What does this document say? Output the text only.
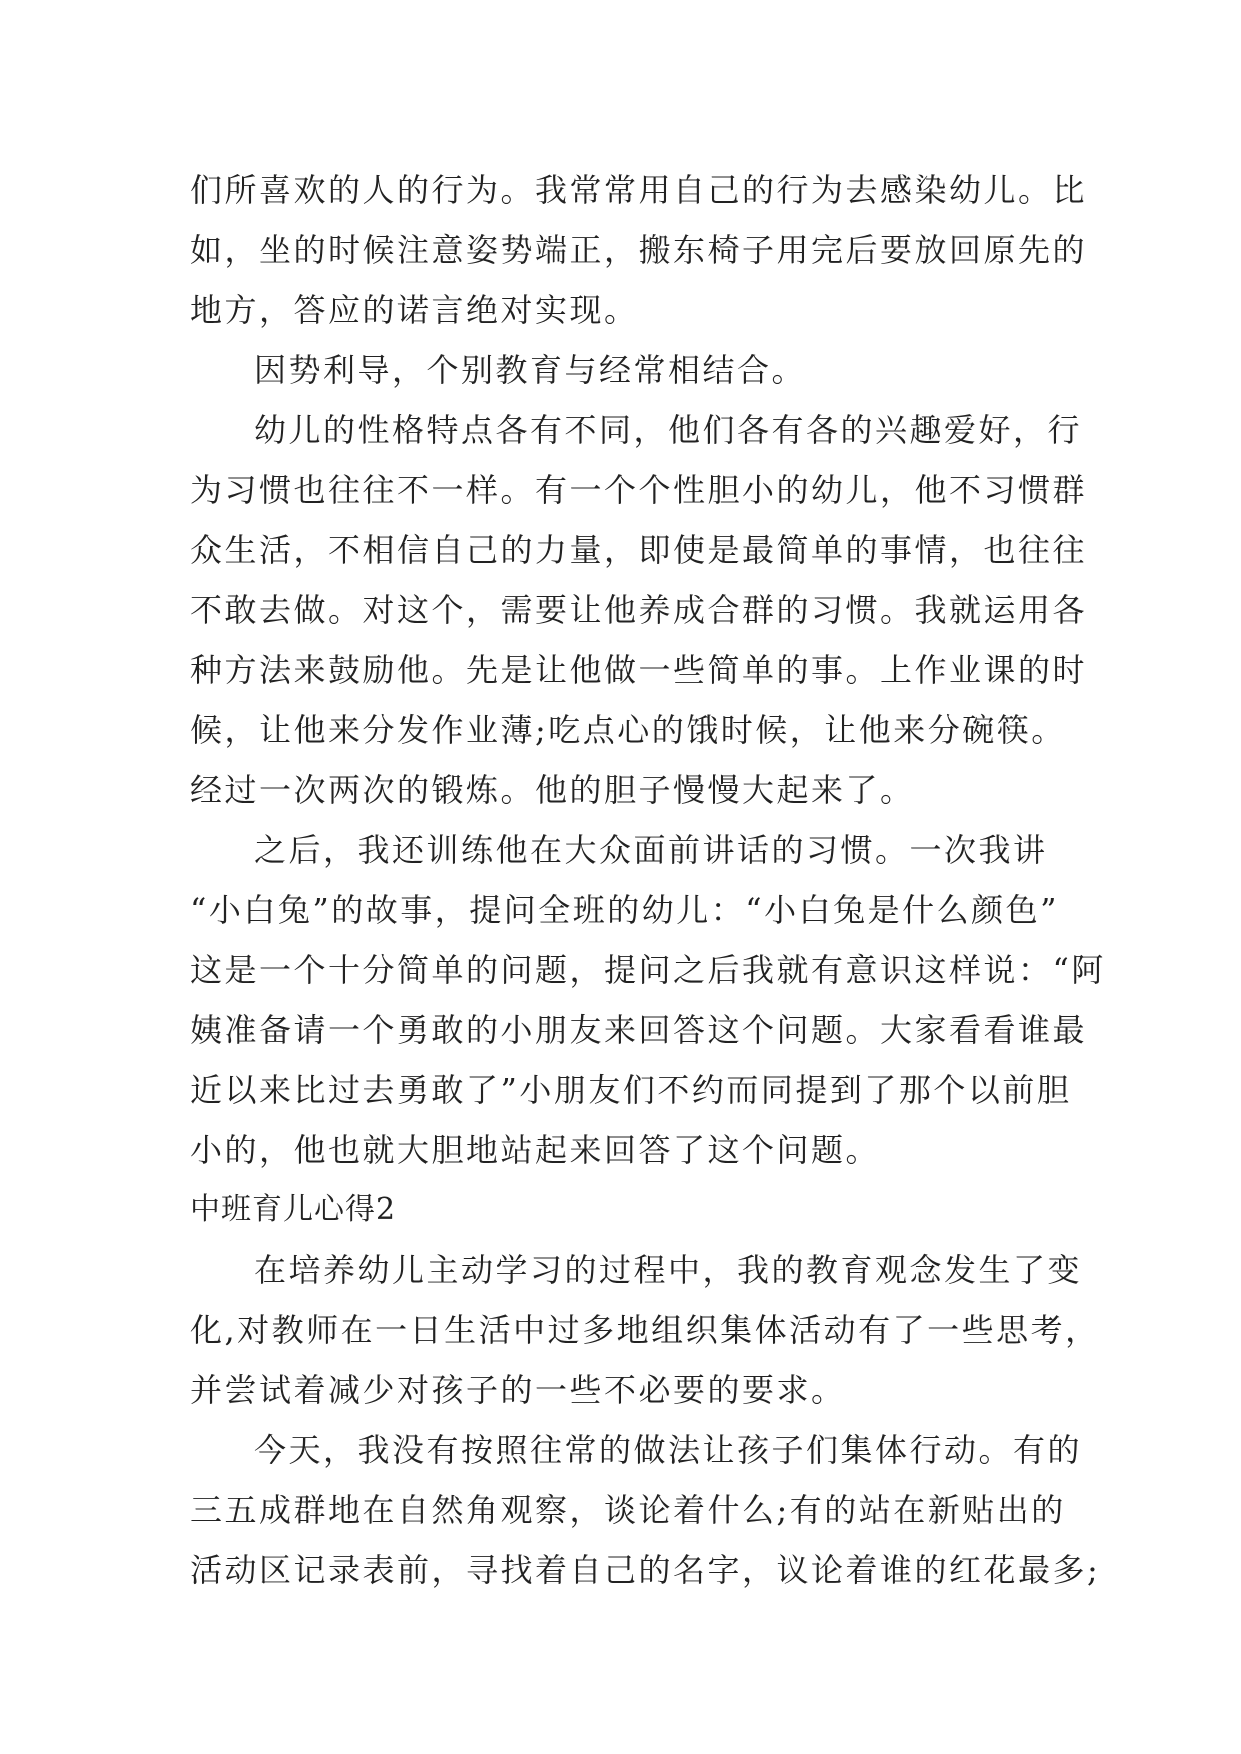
们所喜欢的人的行为。我常常用自己的行为去感染幼儿。比
如，坐的时候注意姿势端正，搬东椅子用完后要放回原先的
地方，答应的诺言绝对实现。
因势利导，个别教育与经常相结合。
幼儿的性格特点各有不同，他们各有各的兴趣爱好，行
为习惯也往往不一样。有一个个性胆小的幼儿，他不习惯群
众生活，不相信自己的力量，即使是最简单的事情，也往往
不敢去做。对这个，需要让他养成合群的习惯。我就运用各
种方法来鼓励他。先是让他做一些简单的事。上作业课的时
候，让他来分发作业薄;吃点心的饿时候，让他来分碗筷。
经过一次两次的锻炼。他的胆子慢慢大起来了。
之后，我还训练他在大众面前讲话的习惯。一次我讲
“小白兔”的故事，提问全班的幼儿：“小白兔是什么颜色”
这是一个十分简单的问题，提问之后我就有意识这样说：“阿
姨准备请一个勇敢的小朋友来回答这个问题。大家看看谁最
近以来比过去勇敢了”小朋友们不约而同提到了那个以前胆
小的，他也就大胆地站起来回答了这个问题。
中班育儿心得2
在培养幼儿主动学习的过程中，我的教育观念发生了变
化,对教师在一日生活中过多地组织集体活动有了一些思考，
并尝试着减少对孩子的一些不必要的要求。
今天，我没有按照往常的做法让孩子们集体行动。有的
三五成群地在自然角观察，谈论着什么;有的站在新贴出的
活动区记录表前，寻找着自己的名字，议论着谁的红花最多;
